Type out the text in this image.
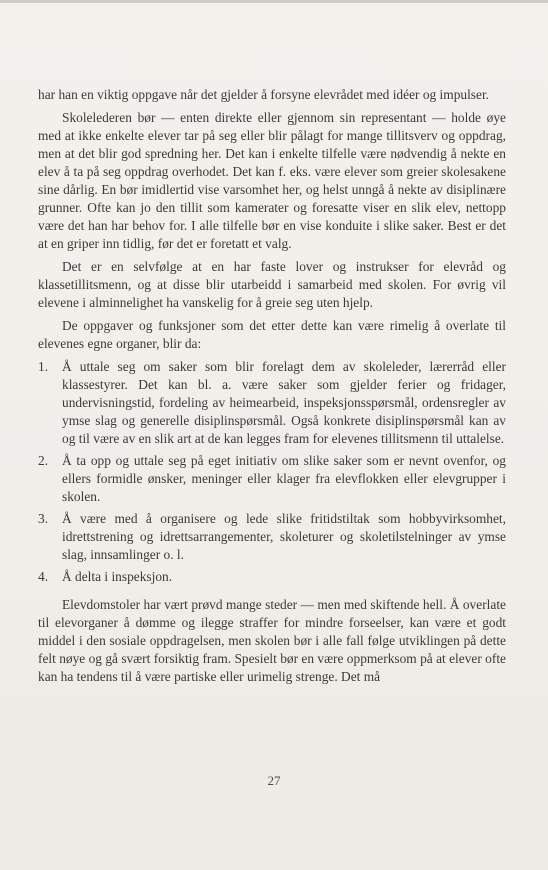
har han en viktig oppgave når det gjelder å forsyne elevrådet med idéer og impulser.

Skolelederen bør — enten direkte eller gjennom sin representant — holde øye med at ikke enkelte elever tar på seg eller blir pålagt for mange tillitsverv og oppdrag, men at det blir god spredning her. Det kan i enkelte tilfelle være nødvendig å nekte en elev å ta på seg oppdrag overhodet. Det kan f. eks. være elever som greier skolesakene sine dårlig. En bør imidlertid vise varsomhet her, og helst unngå å nekte av disiplinære grunner. Ofte kan jo den tillit som kamerater og foresatte viser en slik elev, nettopp være det han har behov for. I alle tilfelle bør en vise konduite i slike saker. Best er det at en griper inn tidlig, før det er foretatt et valg.

Det er en selvfølge at en har faste lover og instrukser for elevråd og klassetillitsmenn, og at disse blir utarbeidd i samarbeid med skolen. For øvrig vil elevene i alminnelighet ha vanskelig for å greie seg uten hjelp.

De oppgaver og funksjoner som det etter dette kan være rimelig å overlate til elevenes egne organer, blir da:

1. Å uttale seg om saker som blir forelagt dem av skoleleder, lærerråd eller klassestyrer. Det kan bl. a. være saker som gjelder ferier og fridager, undervisningstid, fordeling av heimearbeid, inspeksjonsspørsmål, ordensregler av ymse slag og generelle disiplinspørsmål. Også konkrete disiplinspørsmål kan av og til være av en slik art at de kan legges fram for elevenes tillitsmenn til uttalelse.
2. Å ta opp og uttale seg på eget initiativ om slike saker som er nevnt ovenfor, og ellers formidle ønsker, meninger eller klager fra elevflokken eller elevgrupper i skolen.
3. Å være med å organisere og lede slike fritidstiltak som hobbyvirksomhet, idrettstrening og idrettsarrangementer, skoleturer og skoletilstelninger av ymse slag, innsamlinger o. l.
4. Å delta i inspeksjon.

Elevdomstoler har vært prøvd mange steder — men med skiftende hell. Å overlate til elevorganer å dømme og ilegge straffer for mindre forseelser, kan være et godt middel i den sosiale oppdragelsen, men skolen bør i alle fall følge utviklingen på dette felt nøye og gå svært forsiktig fram. Spesielt bør en være oppmerksom på at elever ofte kan ha tendens til å være partiske eller urimelig strenge. Det må

27
